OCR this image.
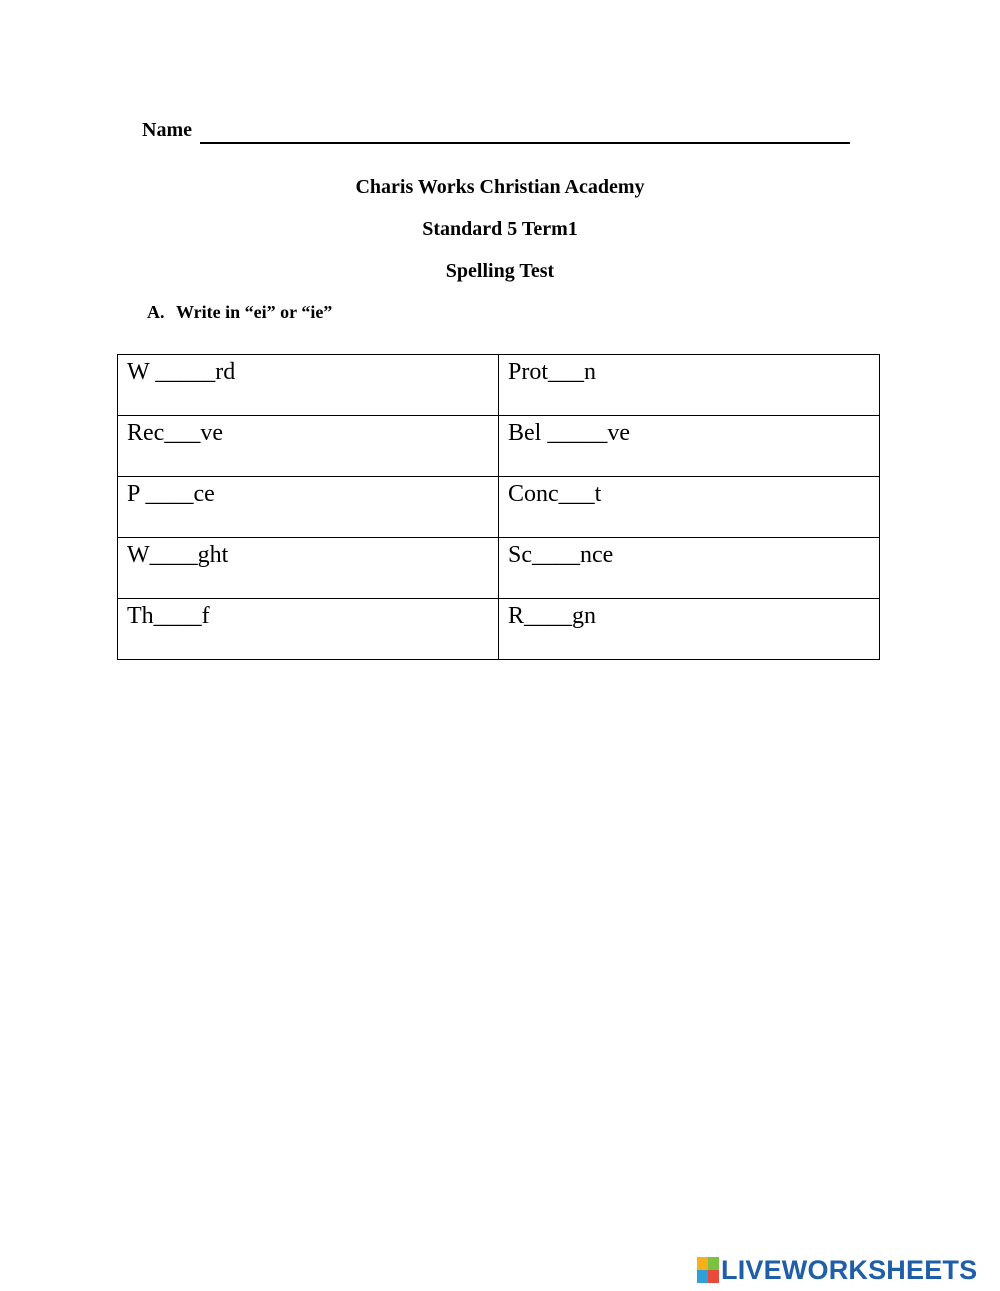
Name
Charis Works Christian Academy
Standard 5 Term1
Spelling Test
A. Write in “ei” or “ie”
W _____rd	Prot___n
Rec___ve	Bel _____ve
P ____ce	Conc___t
W____ght	Sc____nce
Th____f	R____gn
LIVEWORKSHEETS
